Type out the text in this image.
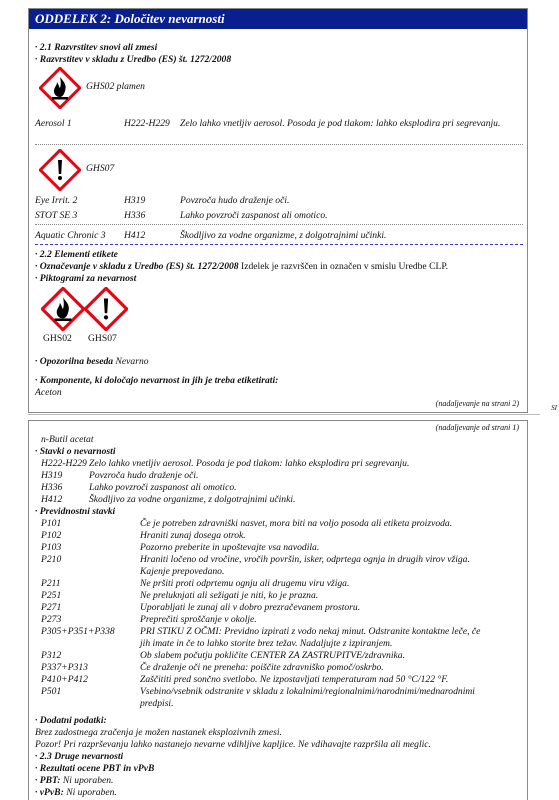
ODDELEK 2: Določitev nevarnosti
· 2.1 Razvrstitev snovi ali zmesi
· Razvrstitev v skladu z Uredbo (ES) št. 1272/2008
GHS02 plamen
Aerosol 1	H222-H229 Zelo lahko vnetljiv aerosol. Posoda je pod tlakom: lahko eksplodira pri segrevanju.
GHS07
Eye Irrit. 2	H319	Povzroča hudo draženje oči.
STOT SE 3	H336	Lahko povzroči zaspanost ali omotico.
Aquatic Chronic 3 H412	Škodljivo za vodne organizme, z dolgotrajnimi učinki.
· 2.2 Elementi etikete
· Označevanje v skladu z Uredbo (ES) št. 1272/2008 Izdelek je razvrščen in označen v smislu Uredbe CLP.
· Piktogrami za nevarnost
GHS02 GHS07
· Opozorilna beseda Nevarno
· Komponente, ki določajo nevarnost in jih je treba etiketirati:
Aceton
(nadaljevanje na strani 2)	SI
(nadaljevanje od strani 1)
n-Butil acetat
· Stavki o nevarnosti
· Previdnostni stavki
· Dodatni podatki:
Brez zadostnega zračenja je možen nastanek eksplozivnih zmesi.
Pozor! Pri razprševanju lahko nastanejo nevarne vdihljive kapljice. Ne vdihavajte razpršila ali meglic.
· 2.3 Druge nevarnosti
· Rezultati ocene PBT in vPvB
· PBT: Ni uporaben.
· vPvB: Ni uporaben.
H222-H229 Zelo lahko vnetljiv aerosol. Posoda je pod tlakom: lahko eksplodira pri segrevanju.
H319	Povzroča hudo draženje oči.
H336	Lahko povzroči zaspanost ali omotico.
H412	Škodljivo za vodne organizme, z dolgotrajnimi učinki.
P101	Če je potreben zdravniški nasvet, mora biti na voljo posoda ali etiketa proizvoda.
P102	Hraniti zunaj dosega otrok.
P103	Pozorno preberite in upoštevajte vsa navodila.
P210	Hraniti ločeno od vročine, vročih površin, isker, odprtega ognja in drugih virov vžiga.
Kajenje prepovedano.
P211	Ne pršiti proti odprtemu ognju ali drugemu viru vžiga.
P251	Ne preluknjati ali sežigati je niti, ko je prazna.
P271	Uporabljati le zunaj ali v dobro prezračevanem prostoru.
P273	Preprečiti sproščanje v okolje.
P305+P351+P338	PRI STIKU Z OČMI: Previdno izpirati z vodo nekaj minut. Odstranite kontaktne leče, če
jih imate in če to lahko storite brez težav. Nadaljujte z izpiranjem.
P312	Ob slabem počutju pokličite CENTER ZA ZASTRUPITVE/zdravnika.
P337+P313	Če draženje oči ne preneha: poiščite zdravniško pomoč/oskrbo.
P410+P412	Zaščititi pred sončno svetlobo. Ne izpostavljati temperaturam nad 50 °C/122 °F.
P501	Vsebino/vsebnik odstranite v skladu z lokalnimi/regionalnimi/narodnimi/mednarodnimi
predpisi.
